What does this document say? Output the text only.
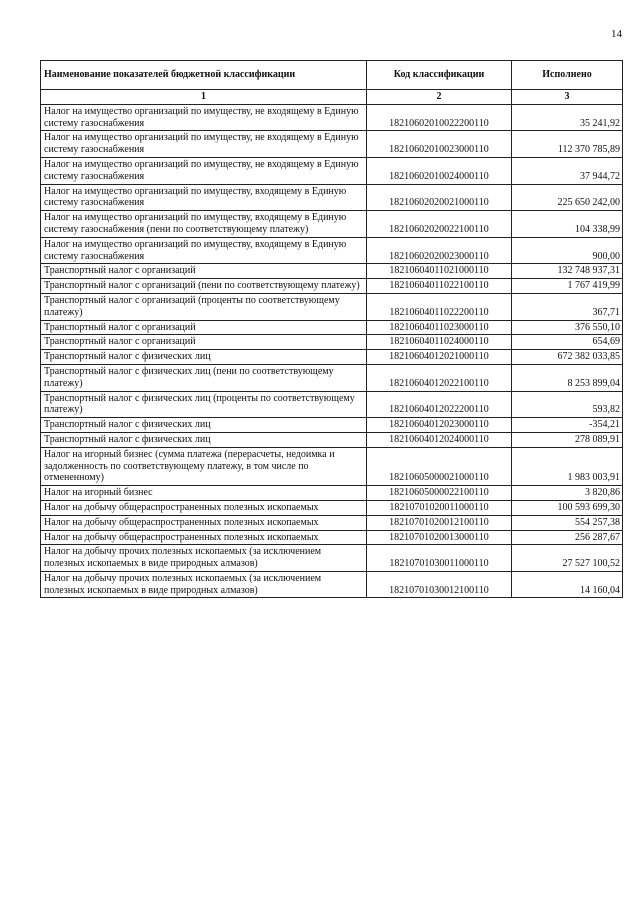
14
Наименование показателей бюджетной классификации	Код классификации	Исполнено
1	2	3
Налог на имущество организаций по имуществу, не входящему в Единую систему газоснабжения	18210602010022200110	35 241,92
Налог на имущество организаций по имуществу, не входящему в Единую систему газоснабжения	18210602010023000110	112 370 785,89
Налог на имущество организаций по имуществу, не входящему в Единую систему газоснабжения	18210602010024000110	37 944,72
Налог на имущество организаций по имуществу, входящему в Единую систему газоснабжения	18210602020021000110	225 650 242,00
Налог на имущество организаций по имуществу, входящему в Единую систему газоснабжения (пени по соответствующему платежу)	18210602020022100110	104 338,99
Налог на имущество организаций по имуществу, входящему в Единую систему газоснабжения	18210602020023000110	900,00
Транспортный налог с организаций	18210604011021000110	132 748 937,31
Транспортный налог с организаций (пени по соответствующему платежу)	18210604011022100110	1 767 419,99
Транспортный налог с организаций (проценты по соответствующему платежу)	18210604011022200110	367,71
Транспортный налог с организаций	18210604011023000110	376 550,10
Транспортный налог с организаций	18210604011024000110	654,69
Транспортный налог с физических лиц	18210604012021000110	672 382 033,85
Транспортный налог с физических лиц (пени по соответствующему платежу)	18210604012022100110	8 253 899,04
Транспортный налог с физических лиц (проценты по соответствующему платежу)	18210604012022200110	593,82
Транспортный налог с физических лиц	18210604012023000110	-354,21
Транспортный налог с физических лиц	18210604012024000110	278 089,91
Налог на игорный бизнес (сумма платежа (перерасчеты, недоимка и задолженность по соответствующему платежу, в том числе по отмененному)	18210605000021000110	1 983 003,91
Налог на игорный бизнес	18210605000022100110	3 820,86
Налог на добычу общераспространенных полезных ископаемых	18210701020011000110	100 593 699,30
Налог на добычу общераспространенных полезных ископаемых	18210701020012100110	554 257,38
Налог на добычу общераспространенных полезных ископаемых	18210701020013000110	256 287,67
Налог на добычу прочих полезных ископаемых (за исключением полезных ископаемых в виде природных алмазов)	18210701030011000110	27 527 100,52
Налог на добычу прочих полезных ископаемых (за исключением полезных ископаемых в виде природных алмазов)	18210701030012100110	14 160,04
